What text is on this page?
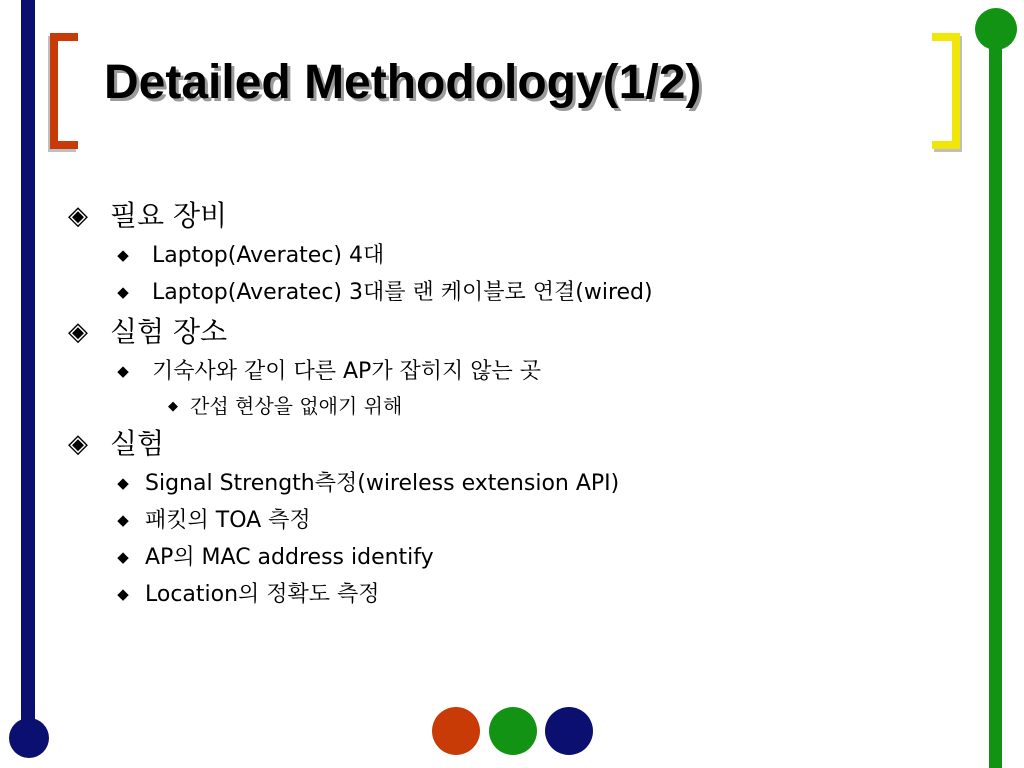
Detailed Methodology(1/2)
◈ 필요 장비
◆ Laptop(Averatec) 4대
◆ Laptop(Averatec) 3대를 랜 케이블로 연결(wired)
◈ 실험 장소
◆ 기숙사와 같이 다른 AP가 잡히지 않는 곳
◆ 간섭 현상을 없애기 위해
◈ 실험
◆ Signal Strength측정(wireless extension API)
◆ 패킷의 TOA 측정
◆ AP의 MAC address identify
◆ Location의 정확도 측정
